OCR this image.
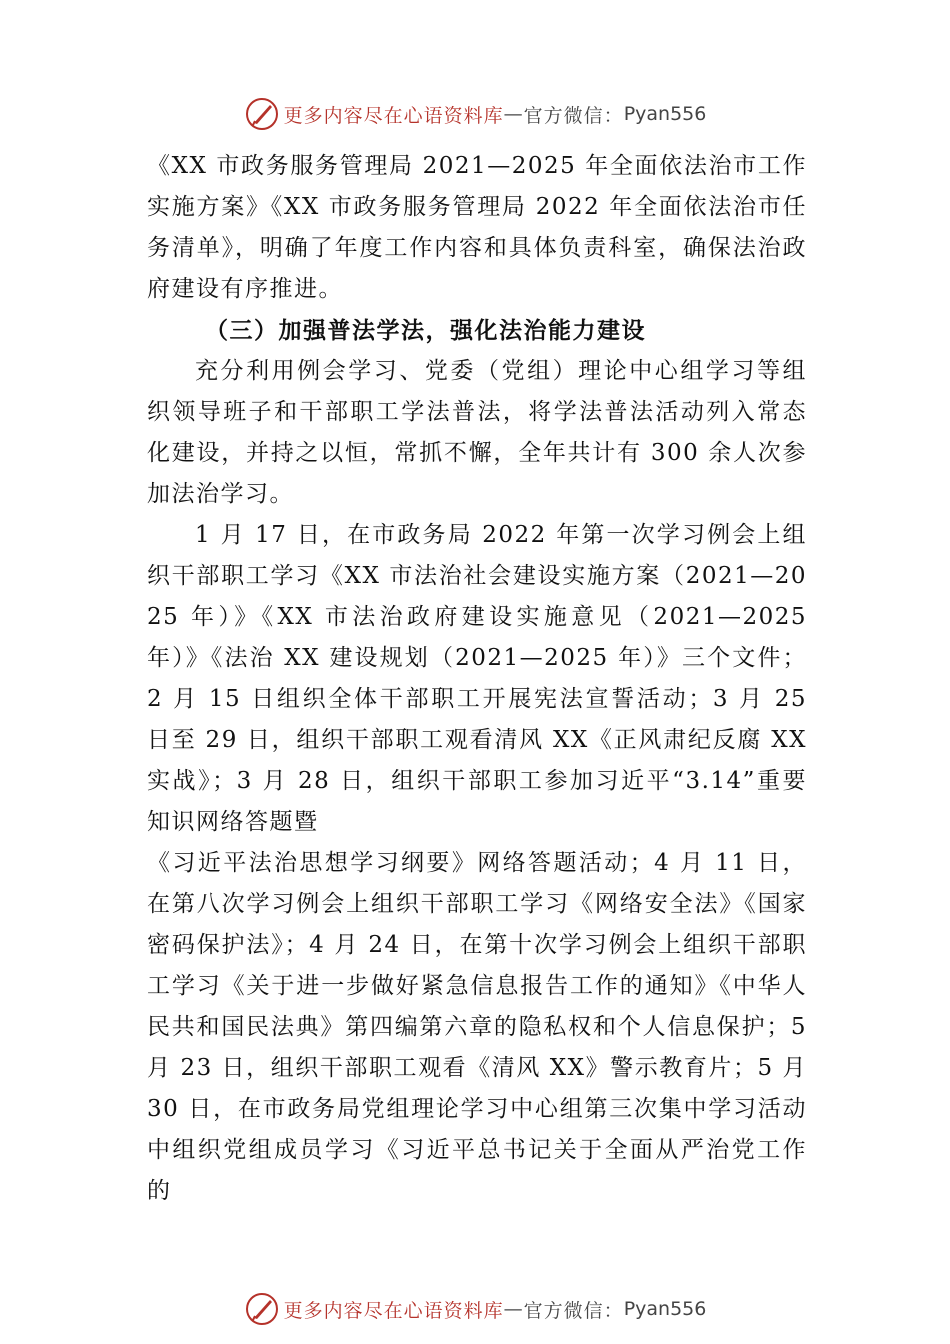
更多内容尽在心语资料库 — 官方微信： Pyan556

《XX 市政务服务管理局 2021—2025 年全面依法治市工作实施方案》《XX 市政务服务管理局 2022 年全面依法治市任务清单》，明确了年度工作内容和具体负责科室，确保法治政府建设有序推进。

（三）加强普法学法，强化法治能力建设

充分利用例会学习、党委（党组）理论中心组学习等组织领导班子和干部职工学法普法，将学法普法活动列入常态化建设，并持之以恒，常抓不懈，全年共计有 300 余人次参加法治学习。

1 月 17 日，在市政务局 2022 年第一次学习例会上组织干部职工学习《XX 市法治社会建设实施方案（2021—2025 年）》《XX 市法治政府建设实施意见（2021—2025 年）》《法治 XX 建设规划（2021—2025 年）》三个文件；2 月 15 日组织全体干部职工开展宪法宣誓活动；3 月 25 日至 29 日，组织干部职工观看清风 XX《正风肃纪反腐 XX 实战》；3 月 28 日，组织干部职工参加习近平“3.14”重要知识网络答题暨

《习近平法治思想学习纲要》网络答题活动；4 月 11 日，在第八次学习例会上组织干部职工学习《网络安全法》《国家密码保护法》；4 月 24 日，在第十次学习例会上组织干部职工学习《关于进一步做好紧急信息报告工作的通知》《中华人民共和国民法典》第四编第六章的隐私权和个人信息保护；5 月 23 日，组织干部职工观看《清风 XX》警示教育片；5 月 30 日，在市政务局党组理论学习中心组第三次集中学习活动中组织党组成员学习《习近平总书记关于全面从严治党工作的

更多内容尽在心语资料库 — 官方微信： Pyan556
